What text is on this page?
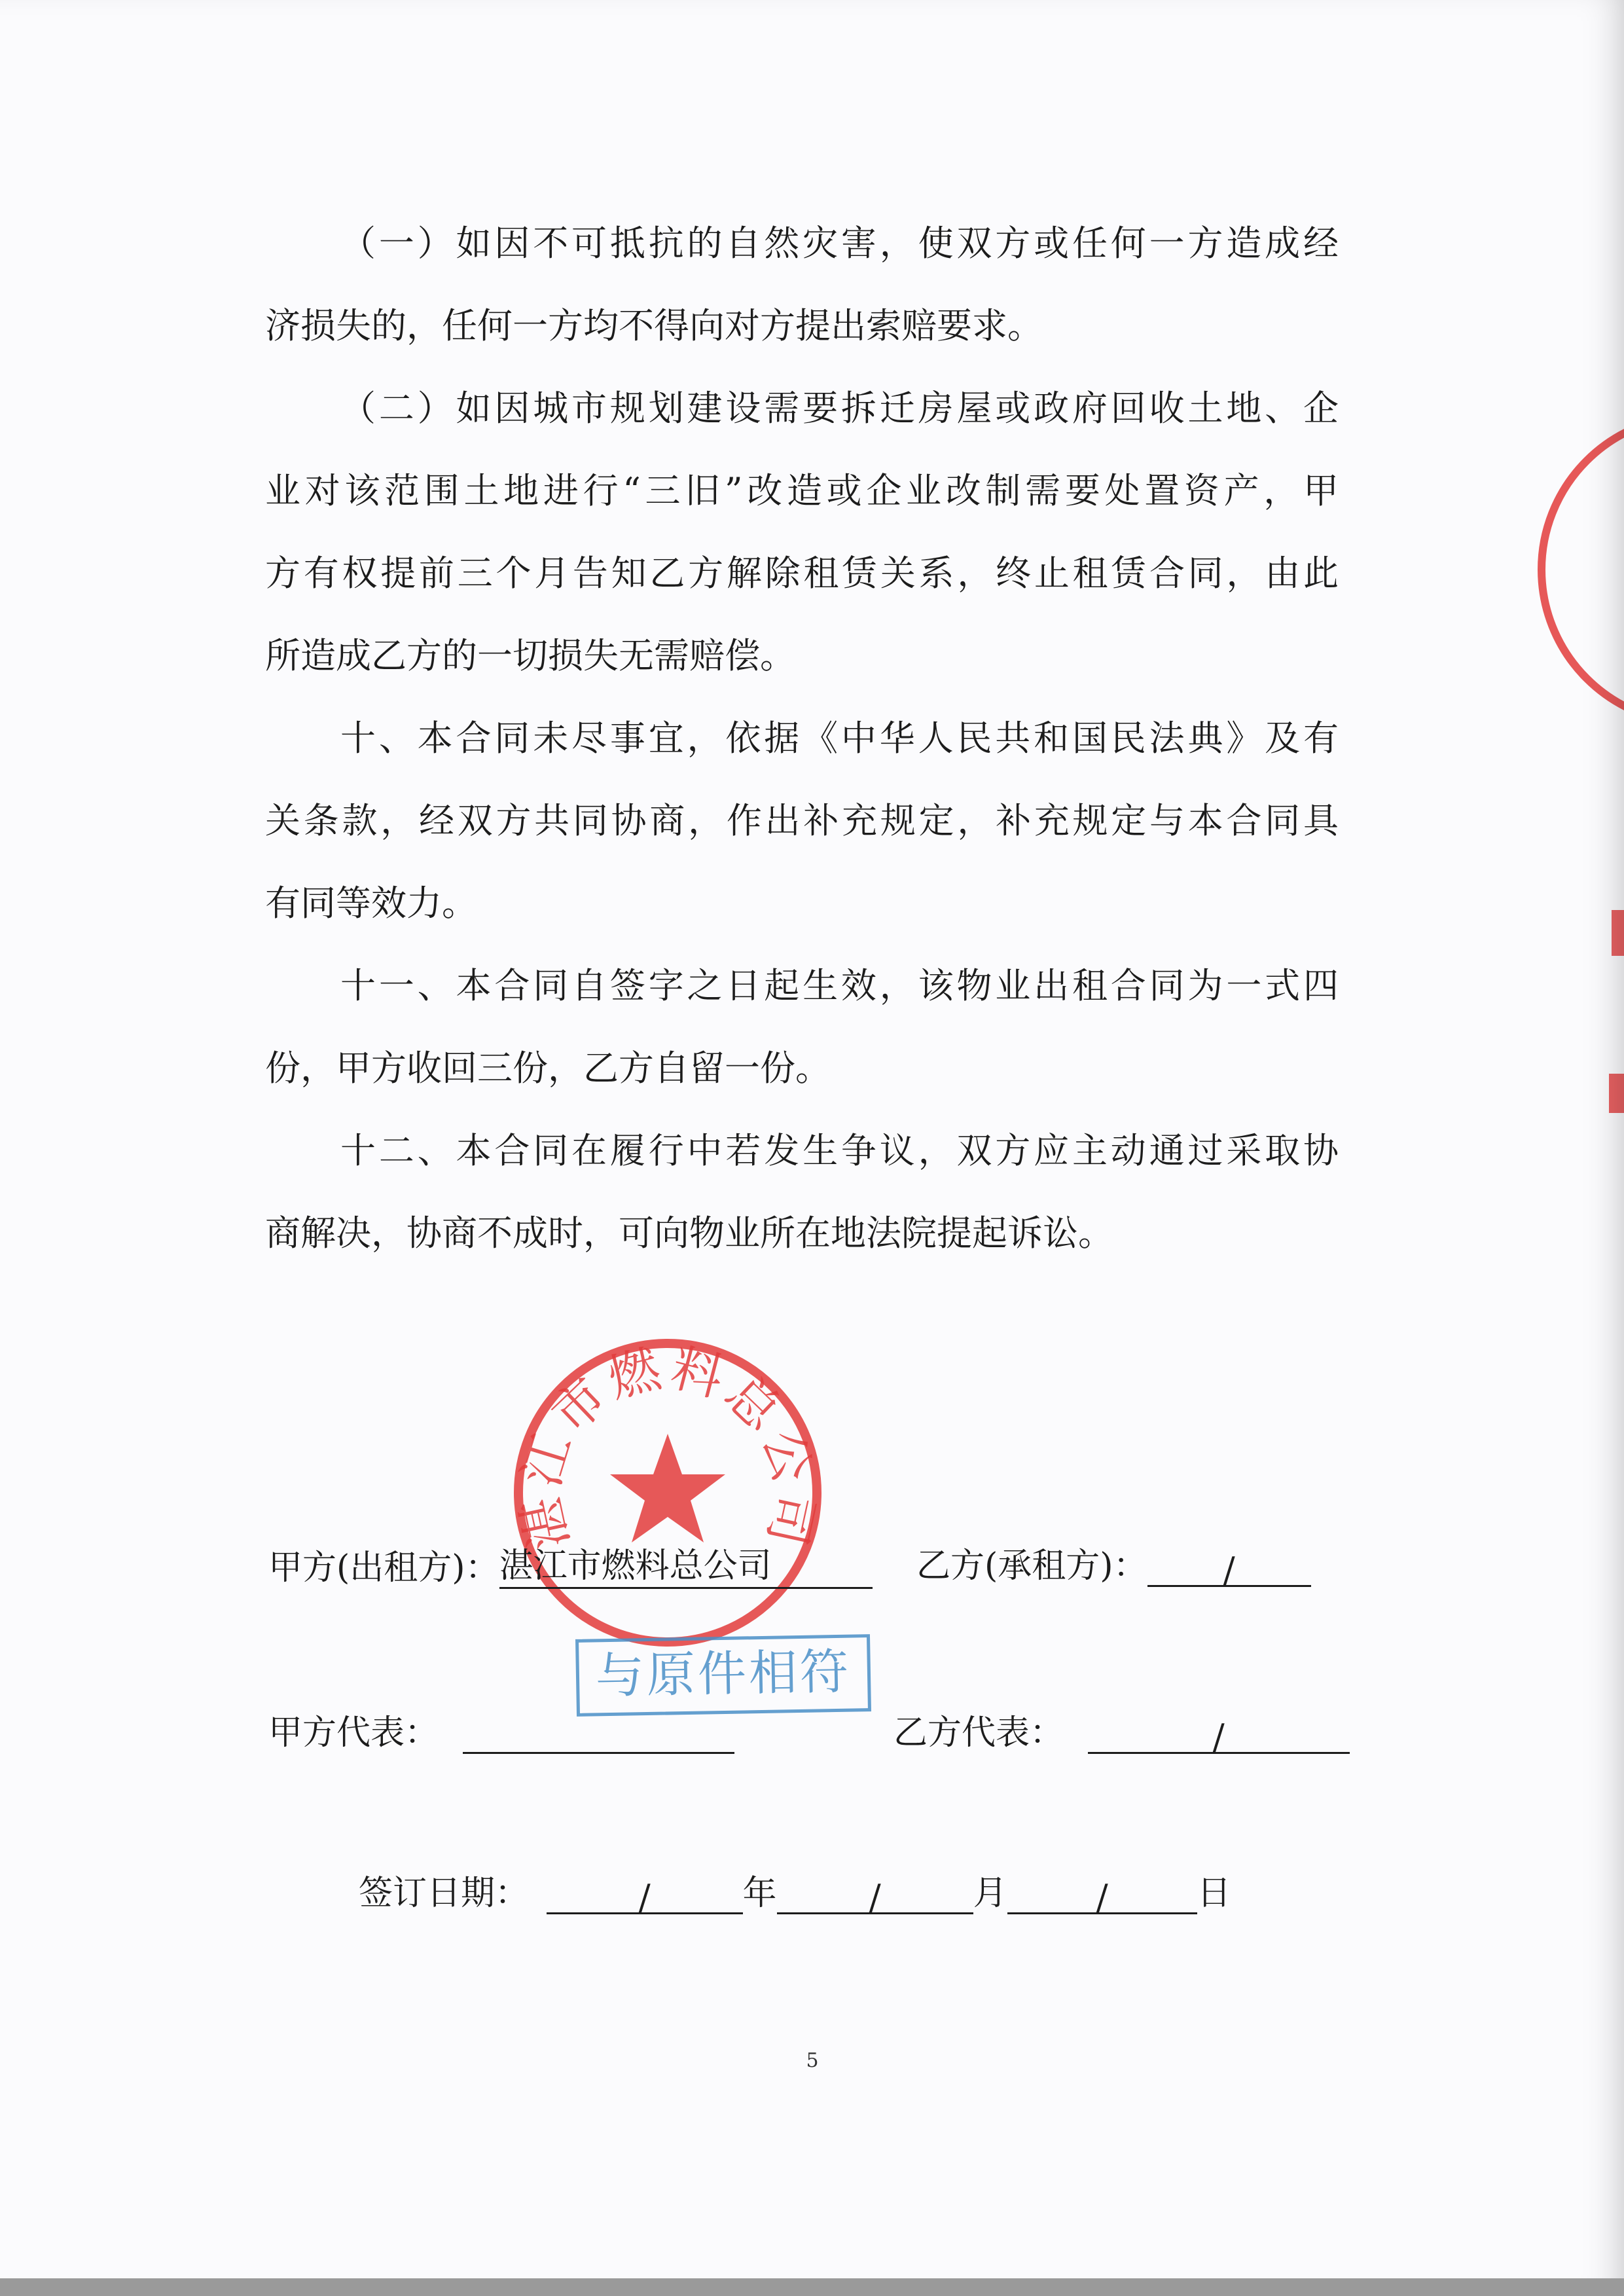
（一）如因不可抵抗的自然灾害，使双方或任何一方造成经
济损失的，任何一方均不得向对方提出索赔要求。
（二）如因城市规划建设需要拆迁房屋或政府回收土地、企
业对该范围土地进行“三旧”改造或企业改制需要处置资产，甲
方有权提前三个月告知乙方解除租赁关系，终止租赁合同，由此
所造成乙方的一切损失无需赔偿。
十、本合同未尽事宜，依据《中华人民共和国民法典》及有
关条款，经双方共同协商，作出补充规定，补充规定与本合同具
有同等效力。
十一、本合同自签字之日起生效，该物业出租合同为一式四
份，甲方收回三份，乙方自留一份。
十二、本合同在履行中若发生争议，双方应主动通过采取协
商解决，协商不成时，可向物业所在地法院提起诉讼。
湛江市燃料总公司
甲方(出租方)：湛江市燃料总公司	乙方(承租方)： /
甲方代表：	乙方代表：	/
与原件相符
签订日期：	/	年	/	月	/	日
5
